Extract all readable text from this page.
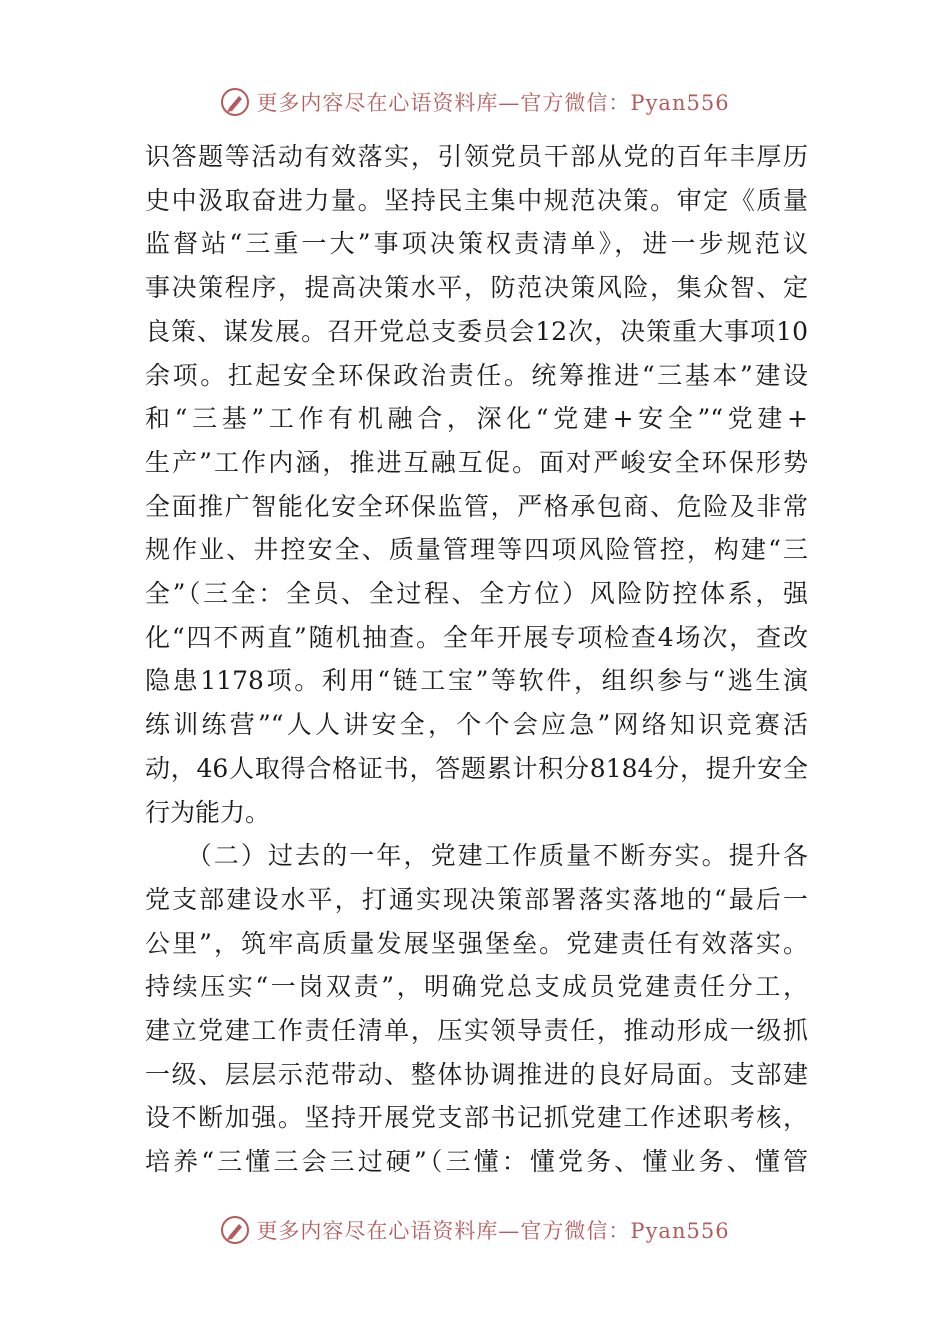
更多内容尽在心语资料库—官方微信：Pyan556
识答题等活动有效落实，引领党员干部从党的百年丰厚历
史中汲取奋进力量。坚持民主集中规范决策。审定《质量
监督站“三重一大”事项决策权责清单》，进一步规范议
事决策程序，提高决策水平，防范决策风险，集众智、定
良策、谋发展。召开党总支委员会12次，决策重大事项10
余项。扛起安全环保政治责任。统筹推进“三基本”建设
和“三基”工作有机融合，深化“党建+安全”“党建+
生产”工作内涵，推进互融互促。面对严峻安全环保形势
全面推广智能化安全环保监管，严格承包商、危险及非常
规作业、井控安全、质量管理等四项风险管控，构建“三
全”（三全：全员、全过程、全方位）风险防控体系，强
化“四不两直”随机抽查。全年开展专项检查4场次，查改
隐患1178项。利用“链工宝”等软件，组织参与“逃生演
练训练营”“人人讲安全，个个会应急”网络知识竞赛活
动，46人取得合格证书，答题累计积分8184分，提升安全
行为能力。
　　（二）过去的一年，党建工作质量不断夯实。提升各
党支部建设水平，打通实现决策部署落实落地的“最后一
公里”，筑牢高质量发展坚强堡垒。党建责任有效落实。
持续压实“一岗双责”，明确党总支成员党建责任分工，
建立党建工作责任清单，压实领导责任，推动形成一级抓
一级、层层示范带动、整体协调推进的良好局面。支部建
设不断加强。坚持开展党支部书记抓党建工作述职考核，
培养“三懂三会三过硬”（三懂：懂党务、懂业务、懂管
更多内容尽在心语资料库—官方微信：Pyan556
